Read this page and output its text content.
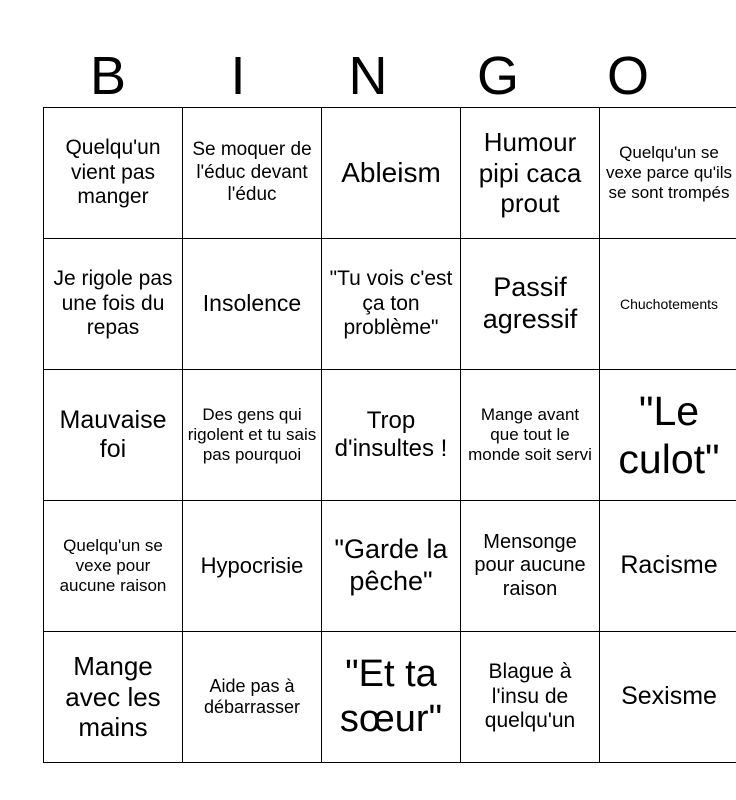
B	I	N	G	O
Quelqu'un vient pas manger	Se moquer de l'éduc devant l'éduc	Ableism	Humour pipi caca prout	Quelqu'un se vexe parce qu'ils se sont trompés
Je rigole pas une fois du repas	Insolence	"Tu vois c'est ça ton problème"	Passif agressif	Chuchotements
Mauvaise foi	Des gens qui rigolent et tu sais pas pourquoi	Trop d'insultes !	Mange avant que tout le monde soit servi	"Le culot"
Quelqu'un se vexe pour aucune raison	Hypocrisie	"Garde la pêche"	Mensonge pour aucune raison	Racisme
Mange avec les mains	Aide pas à débarrasser	"Et ta sœur"	Blague à l'insu de quelqu'un	Sexisme
